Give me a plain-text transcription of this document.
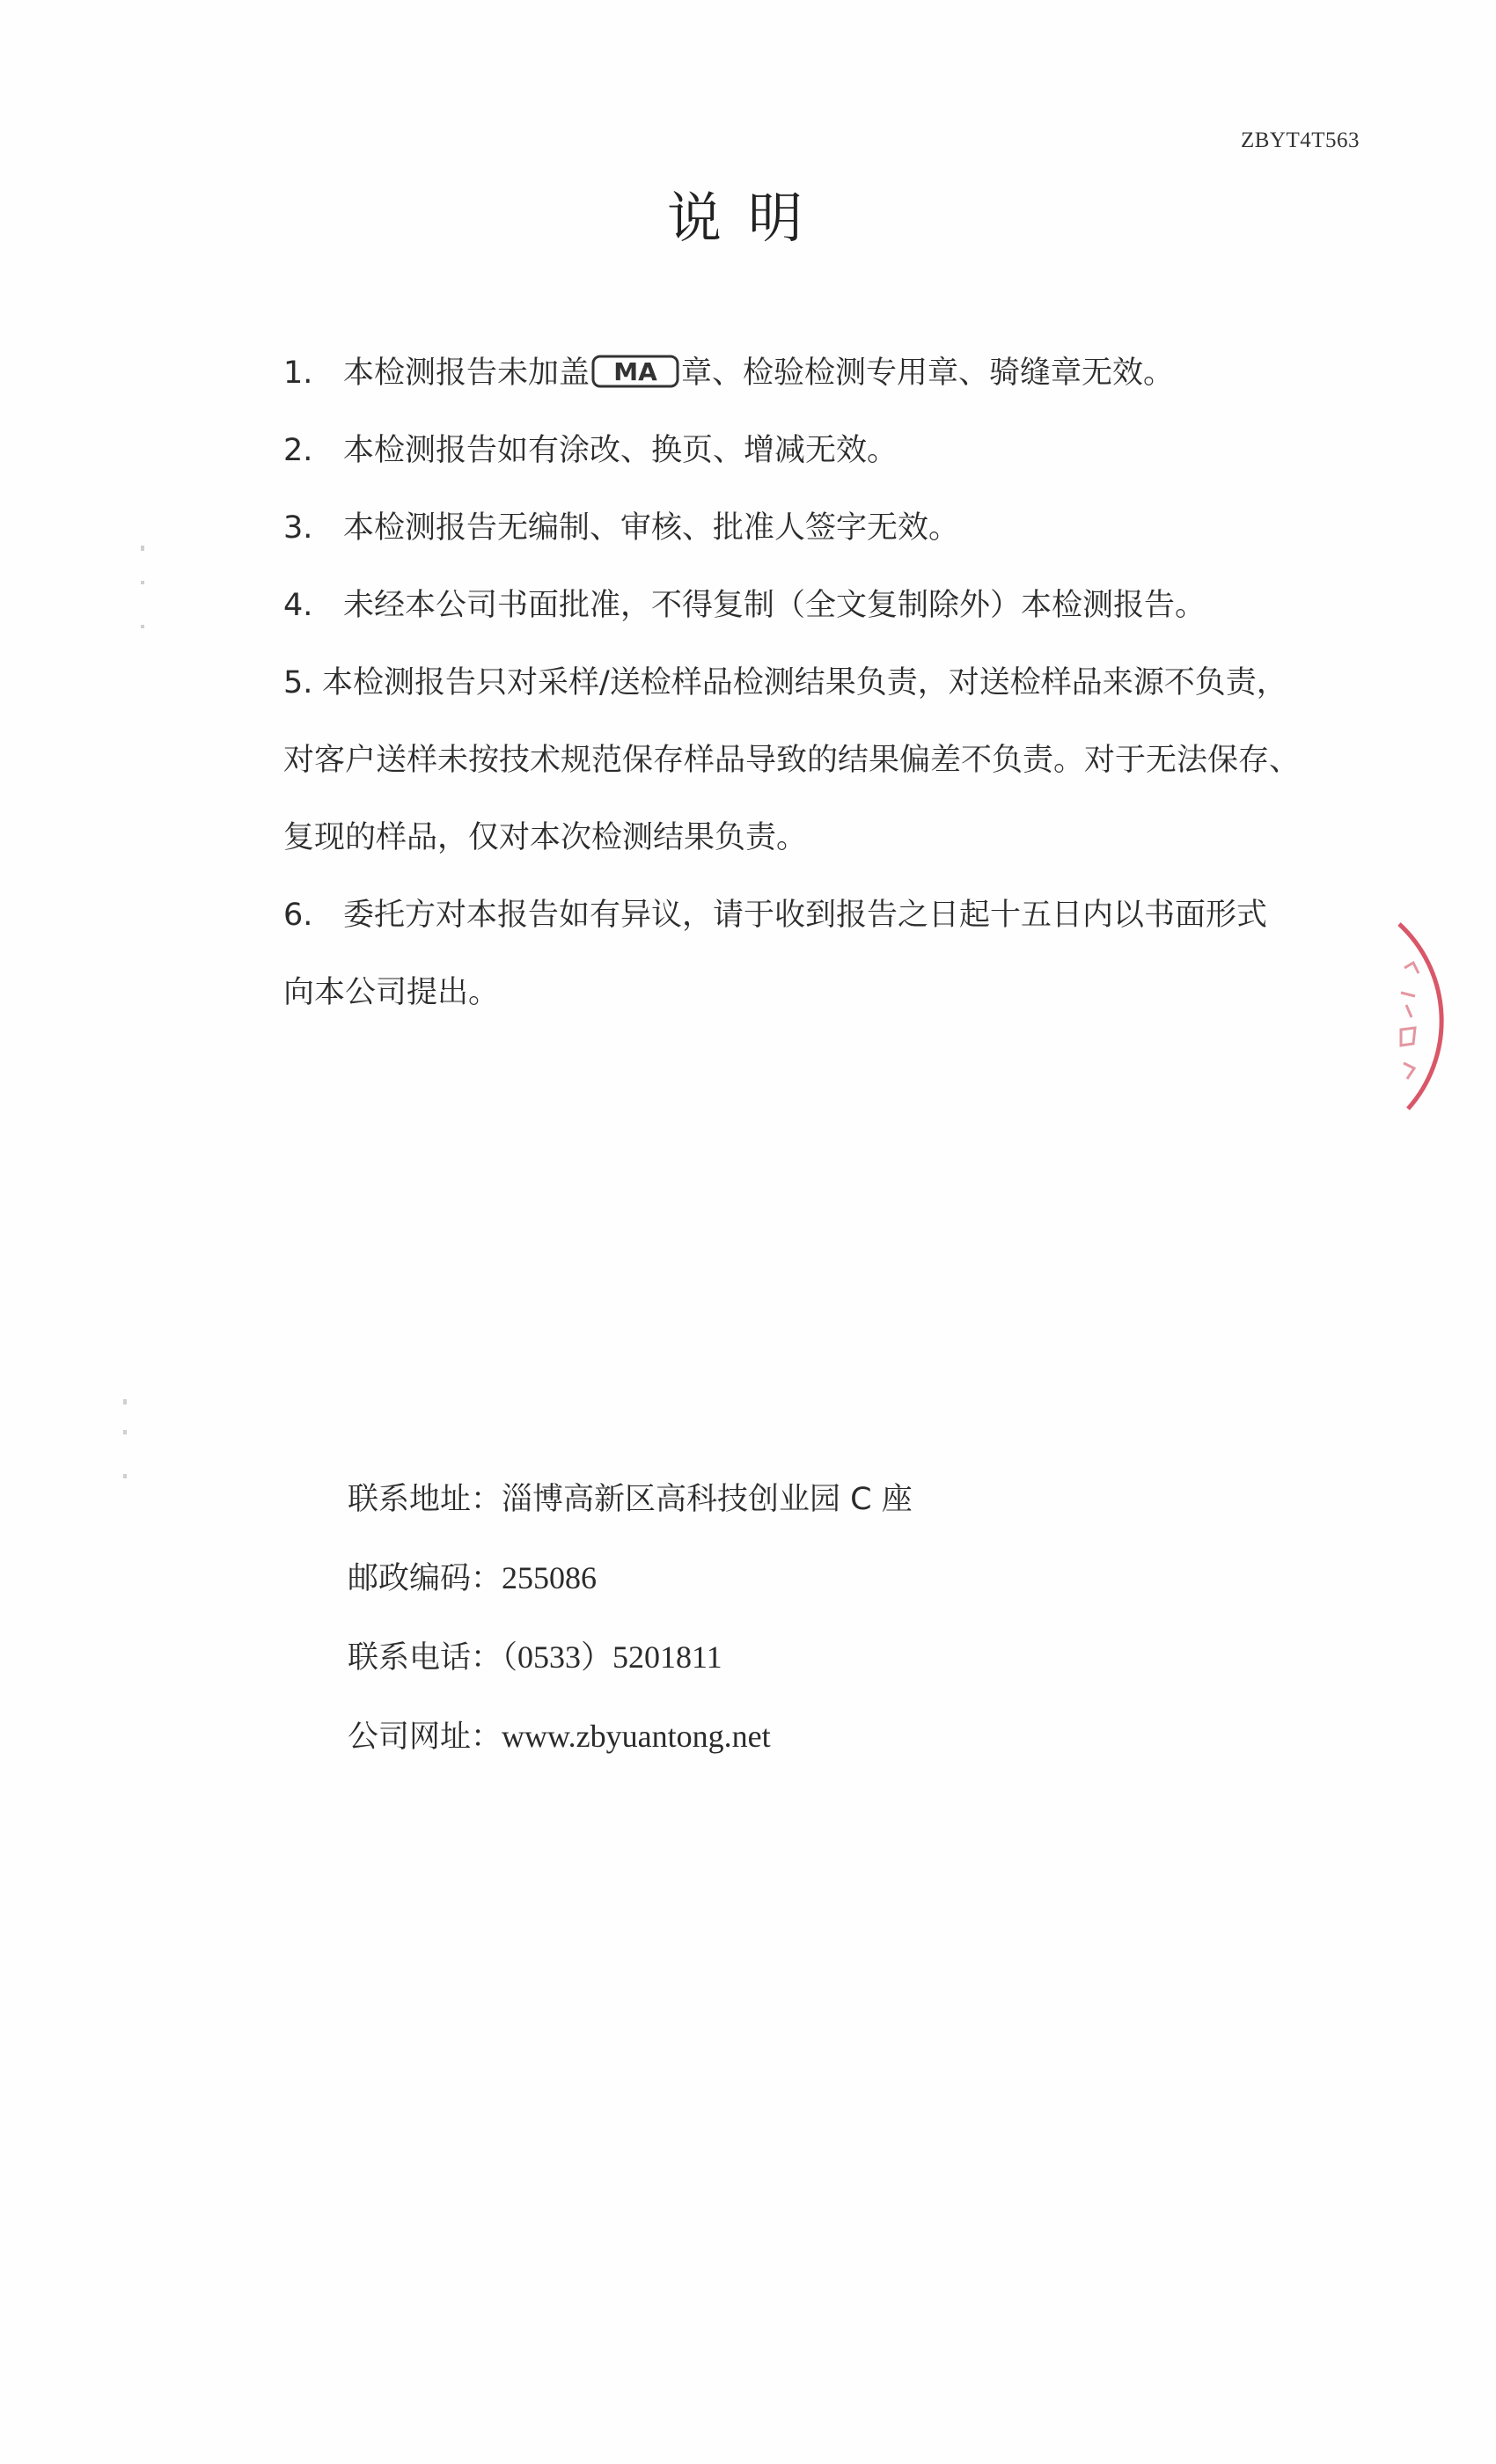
ZBYT4T563
说明

1. 本检测报告未加盖 MA 章、检验检测专用章、骑缝章无效。

2. 本检测报告如有涂改、换页、增减无效。

3. 本检测报告无编制、审核、批准人签字无效。

4. 未经本公司书面批准，不得复制（全文复制除外）本检测报告。

5. 本检测报告只对采样/送检样品检测结果负责，对送检样品来源不负责，

对客户送样未按技术规范保存样品导致的结果偏差不负责。对于无法保存、

复现的样品，仅对本次检测结果负责。

6. 委托方对本报告如有异议，请于收到报告之日起十五日内以书面形式

向本公司提出。

联系地址：淄博高新区高科技创业园 C 座
邮政编码：255086
联系电话：（0533）5201811
公司网址：www.zbyuantong.net
